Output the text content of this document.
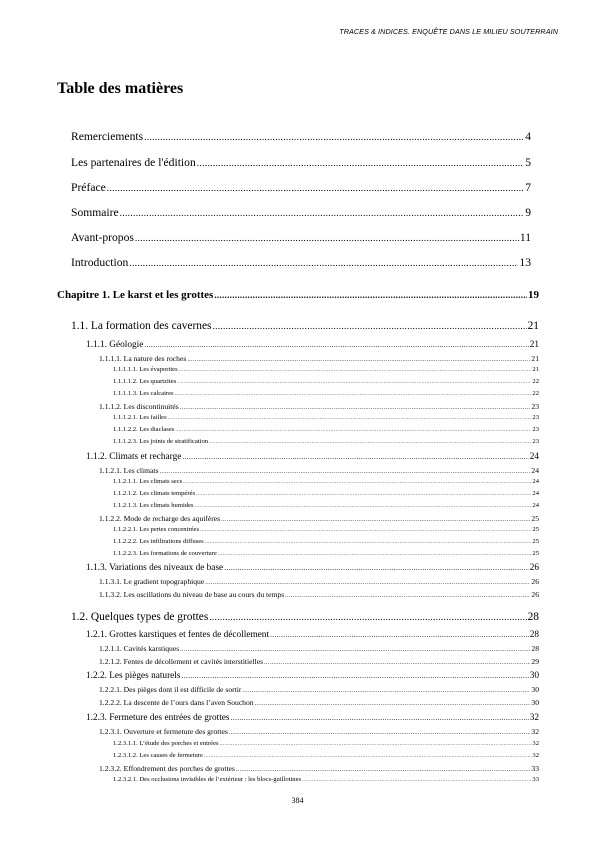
TRACES & INDICES. ENQUÊTE DANS LE MILIEU SOUTERRAIN
Table des matières
Remerciements .....	4
Les partenaires de l'édition .....	5
Préface .....	7
Sommaire .....	9
Avant-propos .....	11
Introduction .....	13
Chapitre 1. Le karst et les grottes .....	19
1.1. La formation des cavernes .....	21
1.1.1. Géologie .....	21
1.1.1.1. La nature des roches .....	21
1.1.1.1.1. Les évaporites .....	21
1.1.1.1.2. Les quartzites .....	22
1.1.1.1.3. Les calcaires .....	22
1.1.1.2. Les discontinuités .....	23
1.1.1.2.1. Les failles .....	23
1.1.1.2.2. Les diaclases .....	23
1.1.1.2.3. Les joints de stratification .....	23
1.1.2. Climats et recharge .....	24
1.1.2.1. Les climats .....	24
1.1.2.1.1. Les climats secs .....	24
1.1.2.1.2. Les climats tempérés .....	24
1.1.2.1.3. Les climats humides .....	24
1.1.2.2. Mode de recharge des aquifères .....	25
1.1.2.2.1. Les pertes concentrées .....	25
1.1.2.2.2. Les infiltrations diffuses .....	25
1.1.2.2.3. Les formations de couverture .....	25
1.1.3. Variations des niveaux de base .....	26
1.1.3.1. Le gradient topographique .....	26
1.1.3.2. Les oscillations du niveau de base au cours du temps .....	26
1.2. Quelques types de grottes .....	28
1.2.1. Grottes karstiques et fentes de décollement .....	28
1.2.1.1. Cavités karstiques .....	28
1.2.1.2. Fentes de décollement et cavités interstitielles .....	29
1.2.2. Les pièges naturels .....	30
1.2.2.1. Des pièges dont il est difficile de sortir .....	30
1.2.2.2. La descente de l’ours dans l’aven Souchon .....	30
1.2.3. Fermeture des entrées de grottes .....	32
1.2.3.1. Ouverture et fermeture des grottes .....	32
1.2.3.1.1. L’étude des porches et entrées .....	32
1.2.3.1.2. Les causes de fermeture .....	32
1.2.3.2. Effondrement des porches de grottes .....	33
1.2.3.2.1. Des occlusions invisibles de l’extérieur : les blocs-guillotines .....	33
384
